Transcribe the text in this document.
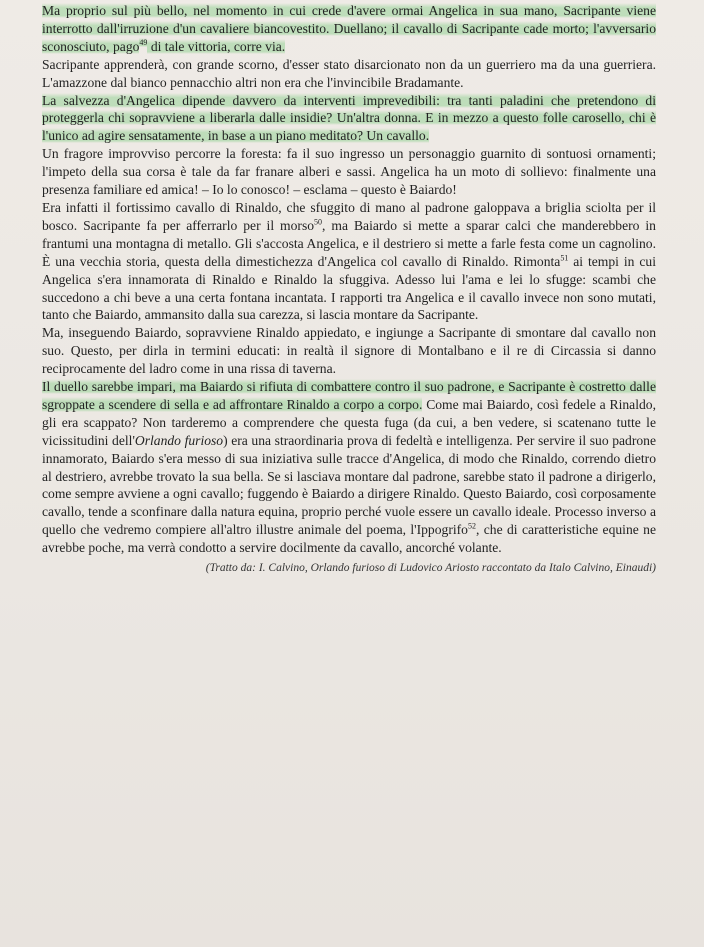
Ma proprio sul più bello, nel momento in cui crede d'avere ormai Angelica in sua mano, Sacripante viene interrotto dall'irruzione d'un cavaliere biancovestito. Duellano; il cavallo di Sacripante cade morto; l'avversario sconosciuto, pago$^{49}$ di tale vittoria, corre via.

Sacripante apprenderà, con grande scorno, d'esser stato disarcionato non da un guerriero ma da una guerriera. L'amazzone dal bianco pennacchio altri non era che l'invincibile Bradamante.

La salvezza d'Angelica dipende davvero da interventi imprevedibili: tra tanti paladini che pretendono di proteggerla chi sopravviene a liberarla dalle insidie? Un'altra donna. E in mezzo a questo folle carosello, chi è l'unico ad agire sensatamente, in base a un piano meditato? Un cavallo.

Un fragore improvviso percorre la foresta: fa il suo ingresso un personaggio guarnito di sontuosi ornamenti; l'impeto della sua corsa è tale da far franare alberi e sassi. Angelica ha un moto di sollievo: finalmente una presenza familiare ed amica! – Io lo conosco! – esclama – questo è Baiardo!

Era infatti il fortissimo cavallo di Rinaldo, che sfuggito di mano al padrone galoppava a briglia sciolta per il bosco. Sacripante fa per afferrarlo per il morso$^{50}$, ma Baiardo si mette a sparar calci che manderebbero in frantumi una montagna di metallo. Gli s'accosta Angelica, e il destriero si mette a farle festa come un cagnolino. È una vecchia storia, questa della dimestichezza d'Angelica col cavallo di Rinaldo. Rimonta$^{51}$ ai tempi in cui Angelica s'era innamorata di Rinaldo e Rinaldo la sfuggiva. Adesso lui l'ama e lei lo sfugge: scambi che succedono a chi beve a una certa fontana incantata. I rapporti tra Angelica e il cavallo invece non sono mutati, tanto che Baiardo, ammansito dalla sua carezza, si lascia montare da Sacripante.

Ma, inseguendo Baiardo, sopravviene Rinaldo appiedato, e ingiunge a Sacripante di smontare dal cavallo non suo. Questo, per dirla in termini educati: in realtà il signore di Montalbano e il re di Circassia si danno reciprocamente del ladro come in una rissa di taverna.

Il duello sarebbe impari, ma Baiardo si rifiuta di combattere contro il suo padrone, e Sacripante è costretto dalle sgroppate a scendere di sella e ad affrontare Rinaldo a corpo a corpo. Come mai Baiardo, così fedele a Rinaldo, gli era scappato? Non tarderemo a comprendere che questa fuga (da cui, a ben vedere, si scatenano tutte le vicissitudini dell'Orlando furioso) era una straordinaria prova di fedeltà e intelligenza. Per servire il suo padrone innamorato, Baiardo s'era messo di sua iniziativa sulle tracce d'Angelica, di modo che Rinaldo, correndo dietro al destriero, avrebbe trovato la sua bella. Se si lasciava montare dal padrone, sarebbe stato il padrone a dirigerlo, come sempre avviene a ogni cavallo; fuggendo è Baiardo a dirigere Rinaldo. Questo Baiardo, così corposamente cavallo, tende a sconfinare dalla natura equina, proprio perché vuole essere un cavallo ideale. Processo inverso a quello che vedremo compiere all'altro illustre animale del poema, l'Ippogrifo$^{52}$, che di caratteristiche equine ne avrebbe poche, ma verrà condotto a servire docilmente da cavallo, ancorché volante.

(Tratto da: I. Calvino, Orlando furioso di Ludovico Ariosto raccontato da Italo Calvino, Einaudi)
